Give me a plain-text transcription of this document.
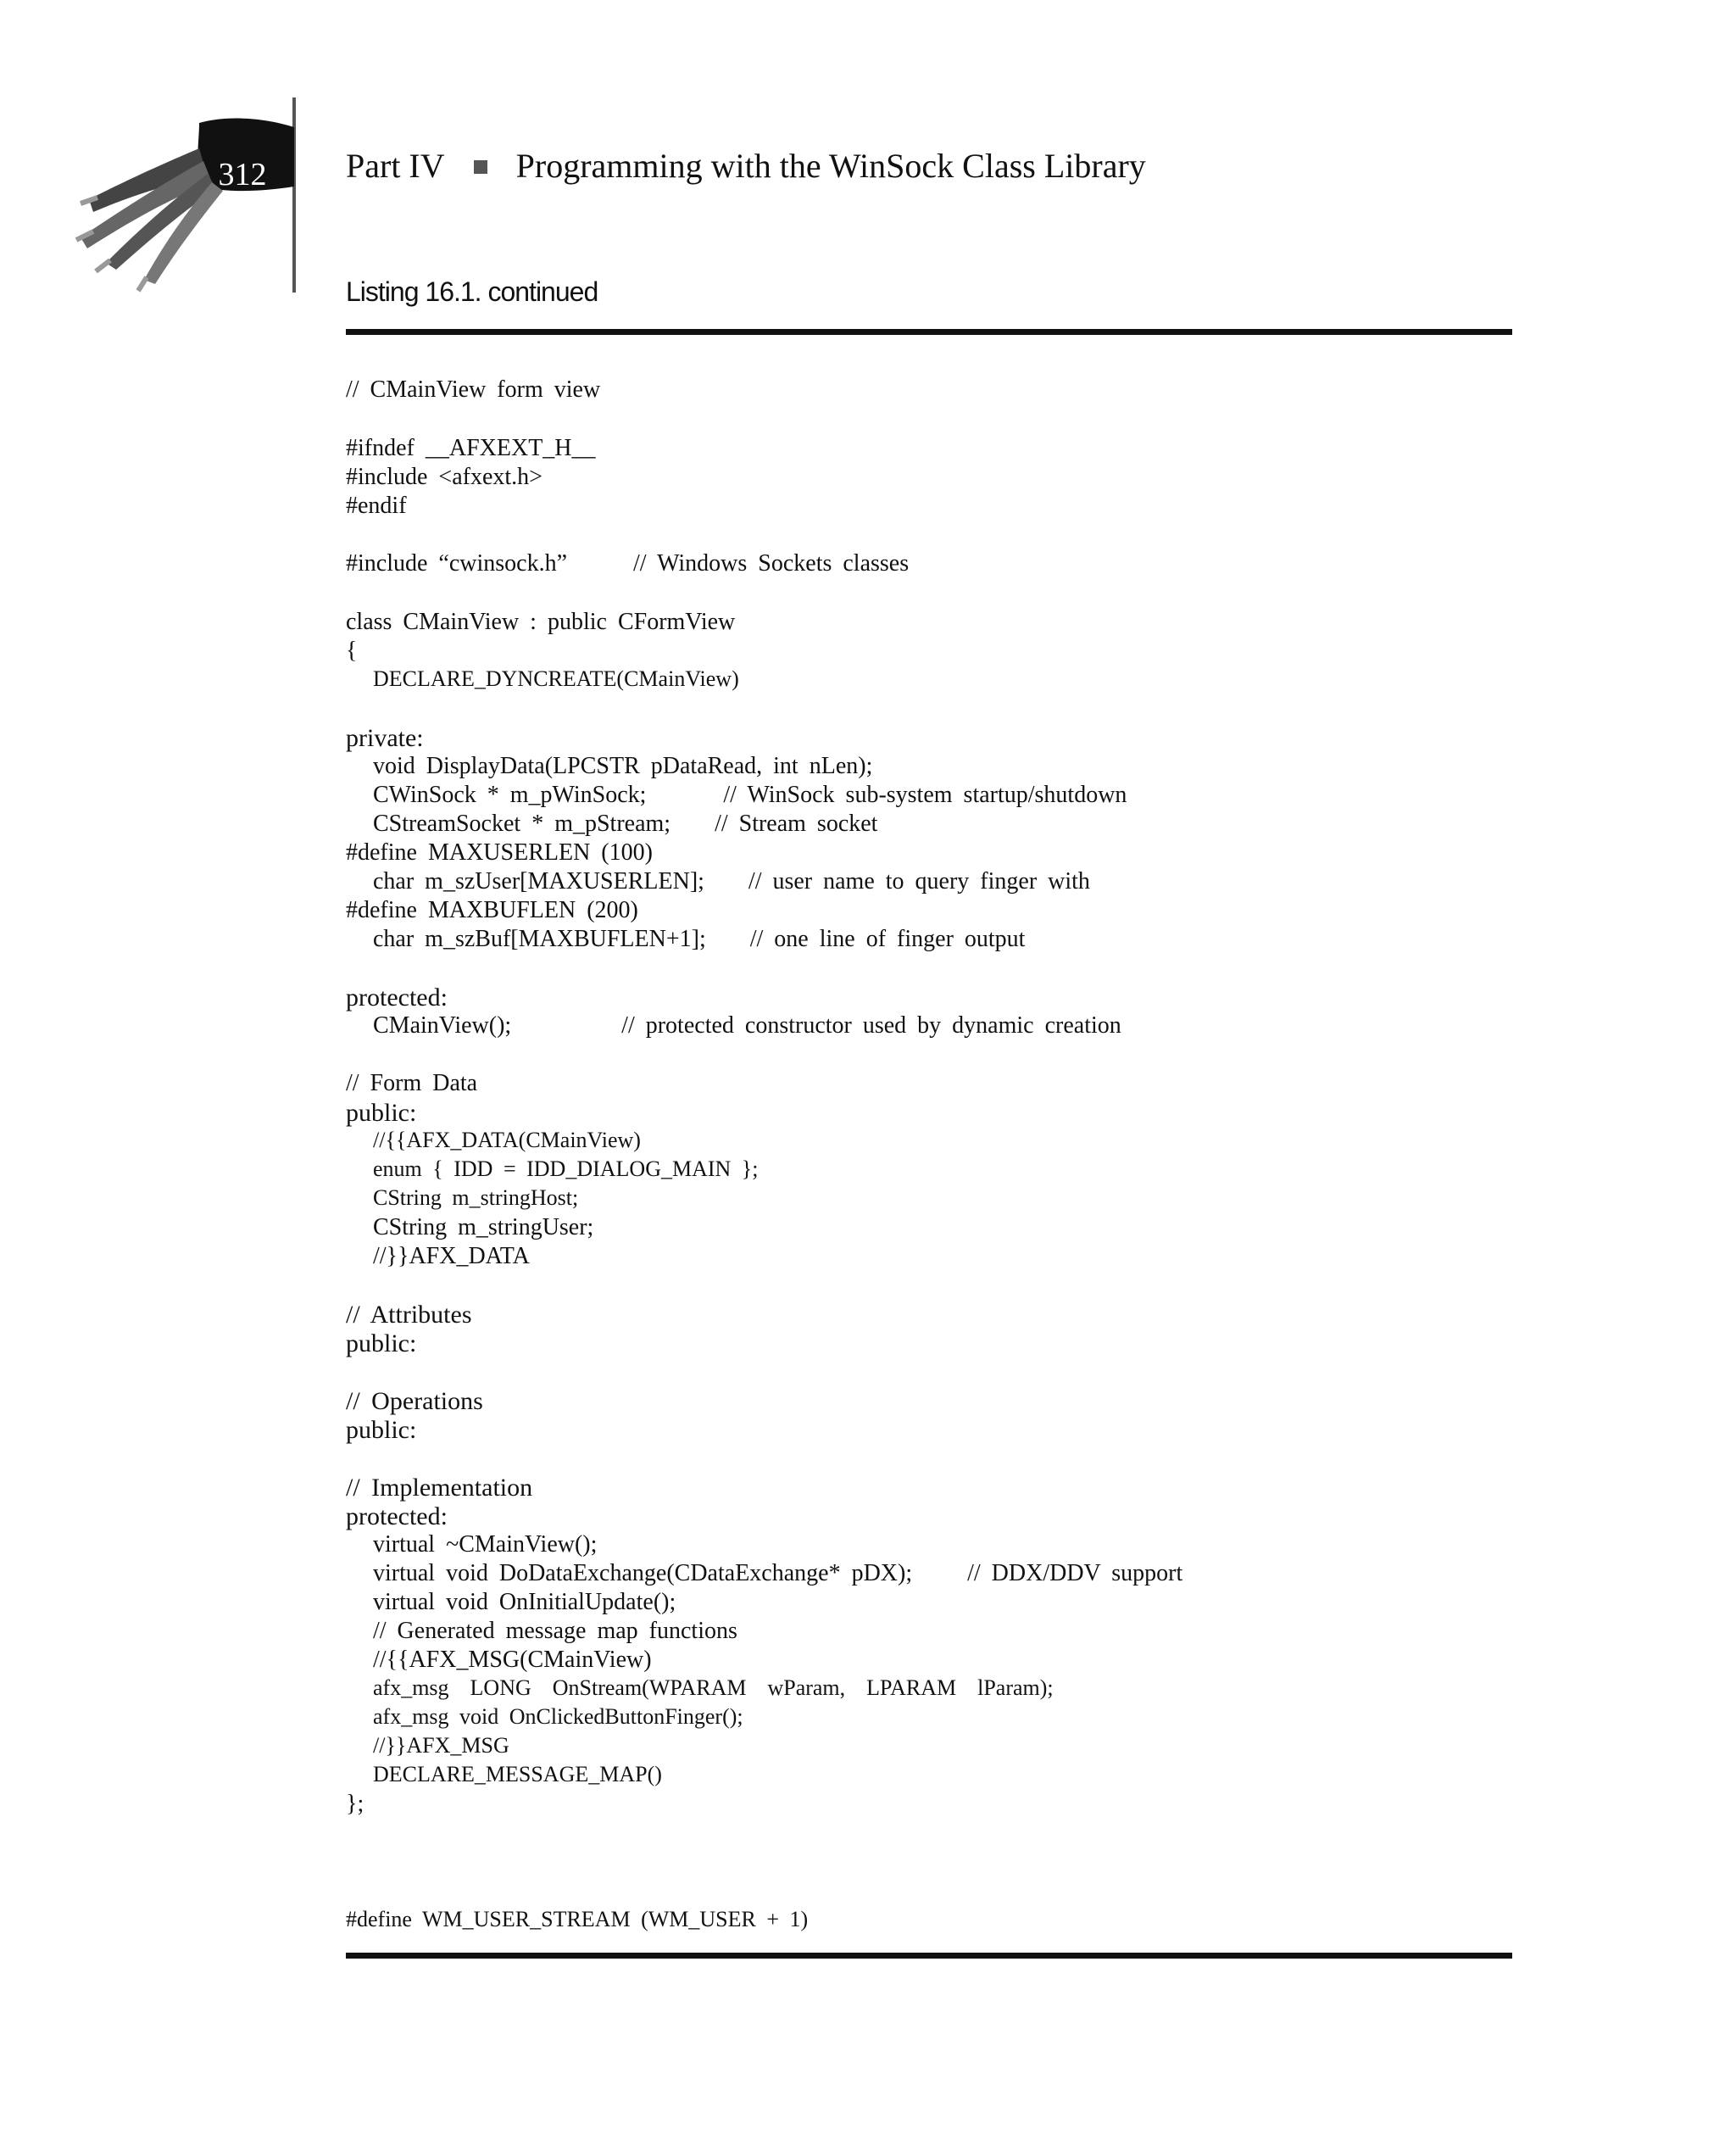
312	Part IV Programming with the WinSock Class Library
Listing 16.1. continued
// CMainView form view
#ifndef __AFXEXT_H__
#include <afxext.h>
#endif
#include “cwinsock.h”      // Windows Sockets classes
class CMainView : public CFormView
{
DECLARE_DYNCREATE(CMainView)
private:
void DisplayData(LPCSTR pDataRead, int nLen);
CWinSock * m_pWinSock;       // WinSock sub-system startup/shutdown
CStreamSocket * m_pStream;    // Stream socket
#define MAXUSERLEN (100)
char m_szUser[MAXUSERLEN];    // user name to query finger with
#define MAXBUFLEN (200)
char m_szBuf[MAXBUFLEN+1];    // one line of finger output
protected:
CMainView();          // protected constructor used by dynamic creation
// Form Data
public:
//{{AFX_DATA(CMainView)
enum { IDD = IDD_DIALOG_MAIN };
CString m_stringHost;
CString m_stringUser;
//}}AFX_DATA
// Attributes
public:
// Operations
public:
// Implementation
protected:
virtual ~CMainView();
virtual void DoDataExchange(CDataExchange* pDX);     // DDX/DDV support
virtual void OnInitialUpdate();
// Generated message map functions
//{{AFX_MSG(CMainView)
afx_msg  LONG  OnStream(WPARAM  wParam,  LPARAM  lParam);
afx_msg void OnClickedButtonFinger();
//}}AFX_MSG
DECLARE_MESSAGE_MAP()
};
#define WM_USER_STREAM (WM_USER + 1)
